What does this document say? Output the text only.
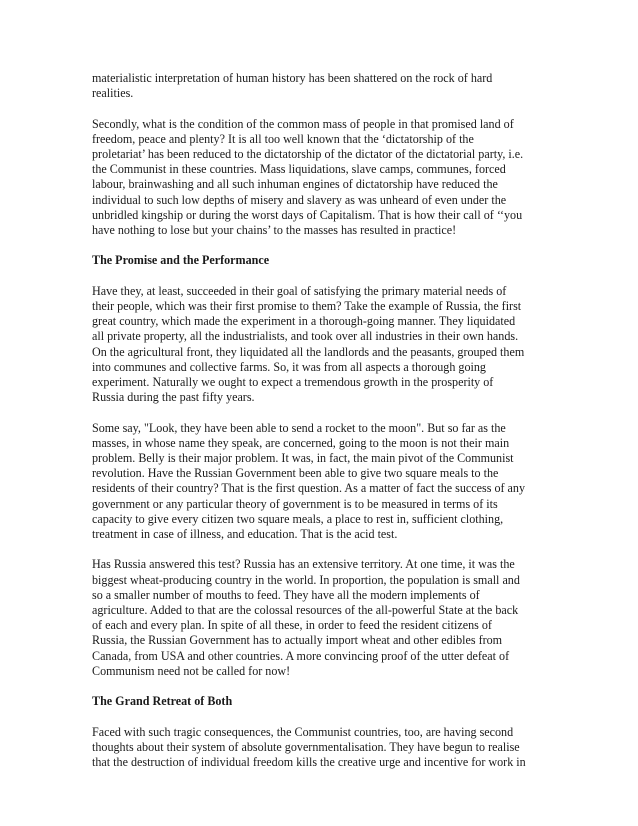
materialistic interpretation of human history has been shattered on the rock of hard
realities.

Secondly, what is the condition of the common mass of people in that promised land of
freedom, peace and plenty? It is all too well known that the ‘dictatorship of the
proletariat’ has been reduced to the dictatorship of the dictator of the dictatorial party, i.e.
the Communist in these countries. Mass liquidations, slave camps, communes, forced
labour, brainwashing and all such inhuman engines of dictatorship have reduced the
individual to such low depths of misery and slavery as was unheard of even under the
unbridled kingship or during the worst days of Capitalism. That is how their call of ‘‘you
have nothing to lose but your chains’ to the masses has resulted in practice!

The Promise and the Performance

Have they, at least, succeeded in their goal of satisfying the primary material needs of
their people, which was their first promise to them? Take the example of Russia, the first
great country, which made the experiment in a thorough-going manner. They liquidated
all private property, all the industrialists, and took over all industries in their own hands.
On the agricultural front, they liquidated all the landlords and the peasants, grouped them
into communes and collective farms. So, it was from all aspects a thorough going
experiment. Naturally we ought to expect a tremendous growth in the prosperity of
Russia during the past fifty years.

Some say, "Look, they have been able to send a rocket to the moon". But so far as the
masses, in whose name they speak, are concerned, going to the moon is not their main
problem. Belly is their major problem. It was, in fact, the main pivot of the Communist
revolution. Have the Russian Government been able to give two square meals to the
residents of their country? That is the first question. As a matter of fact the success of any
government or any particular theory of government is to be measured in terms of its
capacity to give every citizen two square meals, a place to rest in, sufficient clothing,
treatment in case of illness, and education. That is the acid test.

Has Russia answered this test? Russia has an extensive territory. At one time, it was the
biggest wheat-producing country in the world. In proportion, the population is small and
so a smaller number of mouths to feed. They have all the modern implements of
agriculture. Added to that are the colossal resources of the all-powerful State at the back
of each and every plan. In spite of all these, in order to feed the resident citizens of
Russia, the Russian Government has to actually import wheat and other edibles from
Canada, from USA and other countries. A more convincing proof of the utter defeat of
Communism need not be called for now!

The Grand Retreat of Both

Faced with such tragic consequences, the Communist countries, too, are having second
thoughts about their system of absolute governmentalisation. They have begun to realise
that the destruction of individual freedom kills the creative urge and incentive for work in
